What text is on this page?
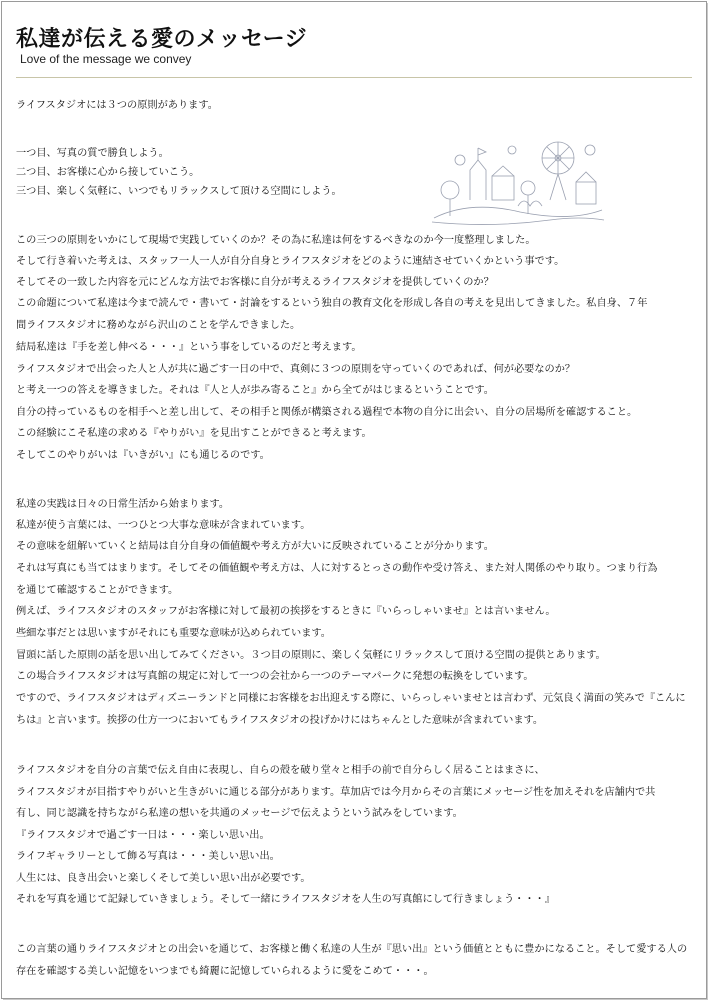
私達が伝える愛のメッセージ
Love of the message we convey
ライフスタジオには３つの原則があります。
一つ目、写真の質で勝負しよう。
二つ目、お客様に心から接していこう。
三つ目、楽しく気軽に、いつでもリラックスして頂ける空間にしよう。
この三つの原則をいかにして現場で実践していくのか？その為に私達は何をするべきなのか今一度整理しました。
そして行き着いた考えは、スタッフ一人一人が自分自身とライフスタジオをどのように連結させていくかという事です。
そしてその一致した内容を元にどんな方法でお客様に自分が考えるライフスタジオを提供していくのか？
この命題について私達は今まで読んで・書いて・討論をするという独自の教育文化を形成し各自の考えを見出してきました。私自身、７年
間ライフスタジオに務めながら沢山のことを学んできました。
結局私達は『手を差し伸べる・・・』という事をしているのだと考えます。
ライフスタジオで出会った人と人が共に過ごす一日の中で、真剣に３つの原則を守っていくのであれば、何が必要なのか？
と考え一つの答えを導きました。それは『人と人が歩み寄ること』から全てがはじまるということです。
自分の持っているものを相手へと差し出して、その相手と関係が構築される過程で本物の自分に出会い、自分の居場所を確認すること。
この経験にこそ私達の求める『やりがい』を見出すことができると考えます。
そしてこのやりがいは『いきがい』にも通じるのです。
私達の実践は日々の日常生活から始まります。
私達が使う言葉には、一つひとつ大事な意味が含まれています。
その意味を紐解いていくと結局は自分自身の価値観や考え方が大いに反映されていることが分かります。
それは写真にも当てはまります。そしてその価値観や考え方は、人に対するとっさの動作や受け答え、また対人関係のやり取り。つまり行為
を通じて確認することができます。
例えば、ライフスタジオのスタッフがお客様に対して最初の挨拶をするときに『いらっしゃいませ』とは言いません。
些細な事だとは思いますがそれにも重要な意味が込められています。
冒頭に話した原則の話を思い出してみてください。３つ目の原則に、楽しく気軽にリラックスして頂ける空間の提供とあります。
この場合ライフスタジオは写真館の規定に対して一つの会社から一つのテーマパークに発想の転換をしています。
ですので、ライフスタジオはディズニーランドと同様にお客様をお出迎えする際に、いらっしゃいませとは言わず、元気良く満面の笑みで『こんに
ちは』と言います。挨拶の仕方一つにおいてもライフスタジオの投げかけにはちゃんとした意味が含まれています。
ライフスタジオを自分の言葉で伝え自由に表現し、自らの殻を破り堂々と相手の前で自分らしく居ることはまさに、
ライフスタジオが目指すやりがいと生きがいに通じる部分があります。草加店では今月からその言葉にメッセージ性を加えそれを店舗内で共
有し、同じ認識を持ちながら私達の想いを共通のメッセージで伝えようという試みをしています。
『ライフスタジオで過ごす一日は・・・楽しい思い出。
ライフギャラリーとして飾る写真は・・・美しい思い出。
人生には、良き出会いと楽しくそして美しい思い出が必要です。
それを写真を通じて記録していきましょう。そして一緒にライフスタジオを人生の写真館にして行きましょう・・・』
この言葉の通りライフスタジオとの出会いを通じて、お客様と働く私達の人生が『思い出』という価値とともに豊かになること。そして愛する人の
存在を確認する美しい記憶をいつまでも綺麗に記憶していられるように愛をこめて・・・。
